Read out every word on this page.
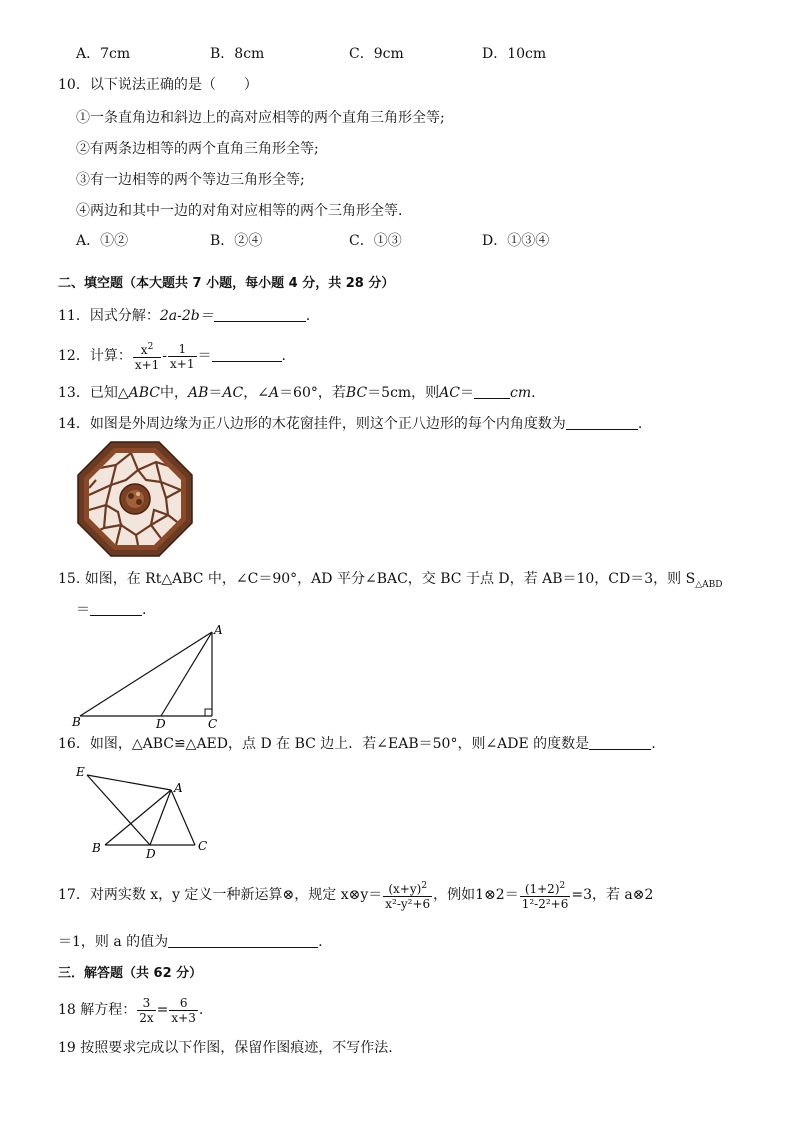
A．7cm	B．8cm	C．9cm	D．10cm
10．以下说法正确的是（　　）
①一条直角边和斜边上的高对应相等的两个直角三角形全等;
②有两条边相等的两个直角三角形全等;
③有一边相等的两个等边三角形全等;
④两边和其中一边的对角对应相等的两个三角形全等.
A．①②	B．②④	C．①③	D．①③④
二、填空题（本大题共 7 小题，每小题 4 分，共 28 分）
11．因式分解：2a-2b＝	.
12．计算： $\frac{x^2}{x+1} - \frac{1}{x+1}$ ＝	.
13．已知△ABC中，AB＝AC，∠A＝60°，若BC＝5cm，则AC＝	cm.
14．如图是外周边缘为正八边形的木花窗挂件，则这个正八边形的每个内角度数为	.
15. 如图，在 Rt△ABC 中，∠C＝90°，AD 平分∠BAC，交 BC 于点 D，若 AB＝10，CD＝3，则 $S_{\triangle ABD}$
＝	.
A
B	C
D
16．如图，△ABC≌△AED，点 D 在 BC 边上．若∠EAB＝50°，则∠ADE 的度数是	.
E
A
B	C
D
17．对两实数 x，y 定义一种新运算⊗，规定 x⊗y＝ $\frac{(x+y)^2}{\text{x²-y²+6}}$ ，例如1⊗2＝ $\frac{(1+2)^2}{\text{1²-2²+6}} =3$，若 a⊗2
＝1，则 a 的值为	.
三．解答题（共 62 分）
18 解方程： $\frac{3}{2x} = \frac{6}{x+3}$ .
19 按照要求完成以下作图，保留作图痕迹，不写作法.
